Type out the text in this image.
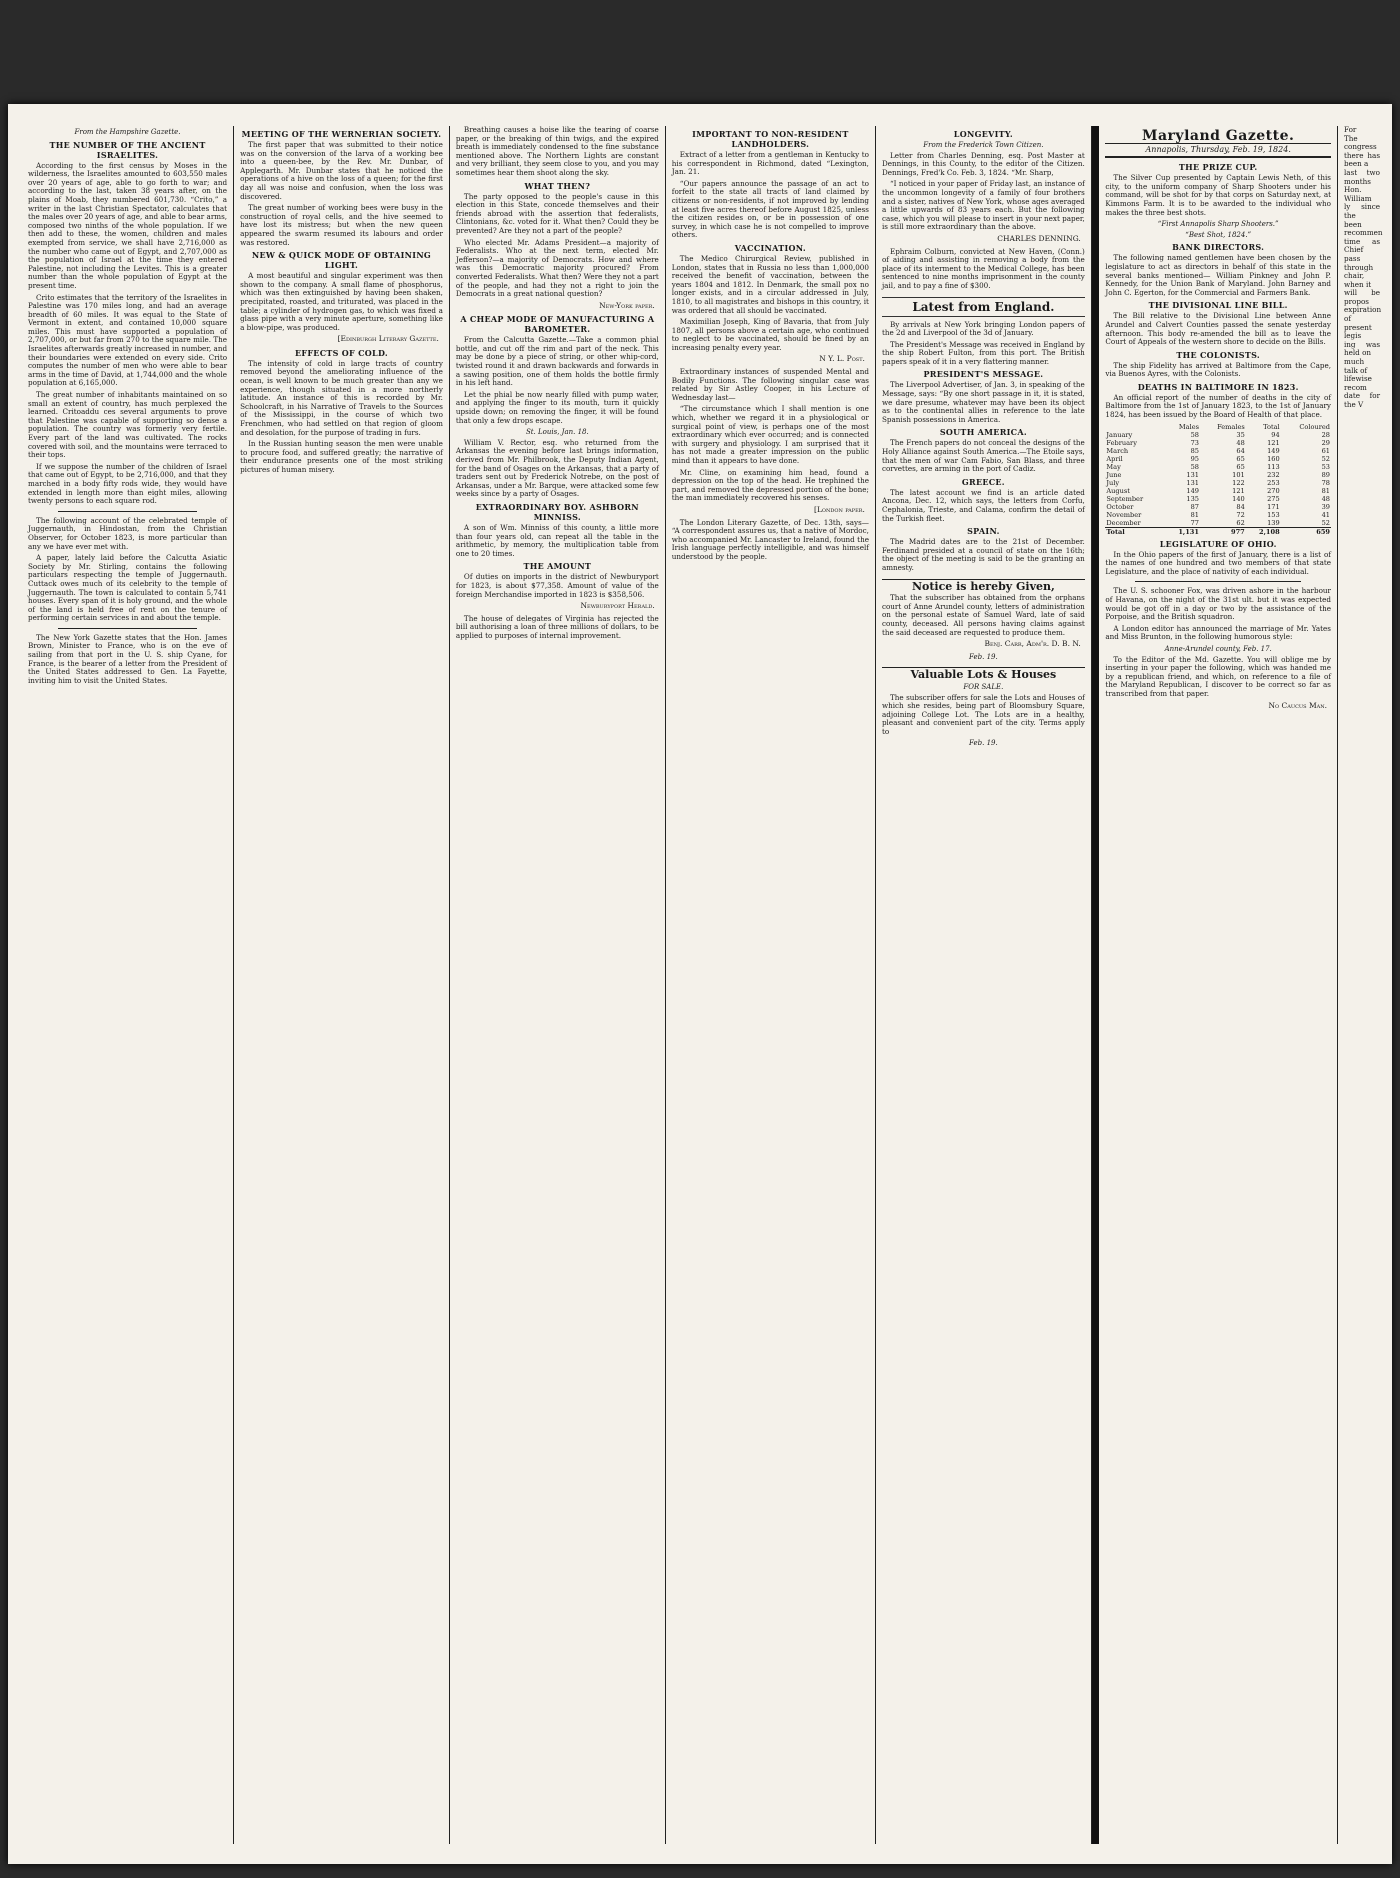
From the Hampshire Gazette.
THE NUMBER OF THE ANCIENT ISRAELITES.

According to the first census by Moses in the wilderness, the Israelites amounted to 603,550 males over 20 years of age, able to go forth to war; and according to the last, taken 38 years after, on the plains of Moab, they numbered 601,730. “Crito,” a writer in the last Christian Spectator, calculates that the males over 20 years of age, and able to bear arms, composed two ninths of the whole population. If we then add to these, the women, children and males exempted from service, we shall have 2,716,000 as the number who came out of Egypt, and 2,707,000 as the population of Israel at the time they entered Palestine, not including the Levites. This is a greater number than the whole population of Egypt at the present time.

Crito estimates that the territory of the Israelites in Palestine was 170 miles long, and had an average breadth of 60 miles. It was equal to the State of Vermont in extent, and contained 10,000 square miles. This must have supported a population of 2,707,000, or but far from 270 to the square mile. The Israelites afterwards greatly increased in number, and their boundaries were extended on every side. Crito computes the number of men who were able to bear arms in the time of David, at 1,744,000 and the whole population at 6,165,000.

The great number of inhabitants maintained on so small an extent of country, has much perplexed the learned. Critoaddu ces several arguments to prove that Palestine was capable of supporting so dense a population. The country was formerly very fertile. Every part of the land was cultivated. The rocks covered with soil, and the mountains were terraced to their tops.

If we suppose the number of the children of Israel that came out of Egypt, to be 2,716,000, and that they marched in a body fifty rods wide, they would have extended in length more than eight miles, allowing twenty persons to each square rod.

The following account of the celebrated temple of Juggernauth, in Hindostan, from the Christian Observer, for October 1823, is more particular than any we have ever met with.

A paper, lately laid before the Calcutta Asiatic Society by Mr. Stirling, contains the following particulars respecting the temple of Juggernauth. Cuttack owes much of its celebrity to the temple of Juggernauth. The town is calculated to contain 5,741 houses. Every span of it is holy ground, and the whole of the land is held free of rent on the tenure of performing certain services in and about the temple.

The New York Gazette states that the Hon. James Brown, Minister to France, who is on the eve of sailing from that port in the U. S. ship Cyane, for France, is the bearer of a letter from the President of the United States addressed to Gen. La Fayette, inviting him to visit the United States.

MEETING OF THE WERNERIAN SOCIETY.

The first paper that was submitted to their notice was on the conversion of the larva of a working bee into a queen-bee, by the Rev. Mr. Dunbar, of Applegarth. Mr. Dunbar states that he noticed the operations of a hive on the loss of a queen; for the first day all was noise and confusion, when the loss was discovered.

The great number of working bees were busy in the construction of royal cells, and the hive seemed to have lost its mistress; but when the new queen appeared the swarm resumed its labours and order was restored.

NEW & QUICK MODE OF OBTAINING LIGHT.

A most beautiful and singular experiment was then shown to the company. A small flame of phosphorus, which was then extinguished by having been shaken, precipitated, roasted, and triturated, was placed in the table; a cylinder of hydrogen gas, to which was fixed a glass pipe with a very minute aperture, something like a blow-pipe, was produced.

[Edinburgh Literary Gazette.
EFFECTS OF COLD.

The intensity of cold in large tracts of country removed beyond the ameliorating influence of the ocean, is well known to be much greater than any we experience, though situated in a more northerly latitude. An instance of this is recorded by Mr. Schoolcraft, in his Narrative of Travels to the Sources of the Mississippi, in the course of which two Frenchmen, who had settled on that region of gloom and desolation, for the purpose of trading in furs.

In the Russian hunting season the men were unable to procure food, and suffered greatly; the narrative of their endurance presents one of the most striking pictures of human misery.

Breathing causes a hoise like the tearing of coarse paper, or the breaking of thin twigs, and the expired breath is immediately condensed to the fine substance mentioned above. The Northern Lights are constant and very brilliant, they seem close to you, and you may sometimes hear them shoot along the sky.

WHAT THEN?

The party opposed to the people's cause in this election in this State, concede themselves and their friends abroad with the assertion that federalists, Clintonians, &c. voted for it. What then? Could they be prevented? Are they not a part of the people?

Who elected Mr. Adams President—a majority of Federalists. Who at the next term, elected Mr. Jefferson?—a majority of Democrats. How and where was this Democratic majority procured? From converted Federalists. What then? Were they not a part of the people, and had they not a right to join the Democrats in a great national question?

New-York paper.
A CHEAP MODE OF MANUFACTURING A BAROMETER.

From the Calcutta Gazette.—Take a common phial bottle, and cut off the rim and part of the neck. This may be done by a piece of string, or other whip-cord, twisted round it and drawn backwards and forwards in a sawing position, one of them holds the bottle firmly in his left hand.

Let the phial be now nearly filled with pump water, and applying the finger to its mouth, turn it quickly upside down; on removing the finger, it will be found that only a few drops escape.

St. Louis, Jan. 18.

William V. Rector, esq. who returned from the Arkansas the evening before last brings information, derived from Mr. Philbrook, the Deputy Indian Agent, for the band of Osages on the Arkansas, that a party of traders sent out by Frederick Notrebe, on the post of Arkansas, under a Mr. Barque, were attacked some few weeks since by a party of Osages.

EXTRAORDINARY BOY. ASHBORN MINNISS.

A son of Wm. Minniss of this county, a little more than four years old, can repeat all the table in the arithmetic, by memory, the multiplication table from one to 20 times.

THE AMOUNT

Of duties on imports in the district of Newburyport for 1823, is about $77,358. Amount of value of the foreign Merchandise imported in 1823 is $358,506.

Newburyport Herald.

The house of delegates of Virginia has rejected the bill authorising a loan of three millions of dollars, to be applied to purposes of internal improvement.

IMPORTANT TO NON-RESIDENT LANDHOLDERS.

Extract of a letter from a gentleman in Kentucky to his correspondent in Richmond, dated “Lexington, Jan. 21.

“Our papers announce the passage of an act to forfeit to the state all tracts of land claimed by citizens or non-residents, if not improved by lending at least five acres thereof before August 1825, unless the citizen resides on, or be in possession of one survey, in which case he is not compelled to improve others.

VACCINATION.

The Medico Chirurgical Review, published in London, states that in Russia no less than 1,000,000 received the benefit of vaccination, between the years 1804 and 1812. In Denmark, the small pox no longer exists, and in a circular addressed in July, 1810, to all magistrates and bishops in this country, it was ordered that all should be vaccinated.

Maximilian Joseph, King of Bavaria, that from July 1807, all persons above a certain age, who continued to neglect to be vaccinated, should be fined by an increasing penalty every year.

N Y. L. Post.

Extraordinary instances of suspended Mental and Bodily Functions. The following singular case was related by Sir Astley Cooper, in his Lecture of Wednesday last—

“The circumstance which I shall mention is one which, whether we regard it in a physiological or surgical point of view, is perhaps one of the most extraordinary which ever occurred; and is connected with surgery and physiology. I am surprised that it has not made a greater impression on the public mind than it appears to have done.

Mr. Cline, on examining him head, found a depression on the top of the head. He trephined the part, and removed the depressed portion of the bone; the man immediately recovered his senses.

[London paper.

The London Literary Gazette, of Dec. 13th, says— “A correspondent assures us, that a native of Mordoc, who accompanied Mr. Lancaster to Ireland, found the Irish language perfectly intelligible, and was himself understood by the people.

LONGEVITY.
From the Frederick Town Citizen.

Letter from Charles Denning, esq. Post Master at Dennings, in this County, to the editor of the Citizen. Dennings, Fred'k Co. Feb. 3, 1824. “Mr. Sharp,

“I noticed in your paper of Friday last, an instance of the uncommon longevity of a family of four brothers and a sister, natives of New York, whose ages averaged a little upwards of 83 years each. But the following case, which you will please to insert in your next paper, is still more extraordinary than the above.

CHARLES DENNING.

Ephraim Colburn, convicted at New Haven, (Conn.) of aiding and assisting in removing a body from the place of its interment to the Medical College, has been sentenced to nine months imprisonment in the county jail, and to pay a fine of $300.

Latest from England.

By arrivals at New York bringing London papers of the 2d and Liverpool of the 3d of January.

The President's Message was received in England by the ship Robert Fulton, from this port. The British papers speak of it in a very flattering manner.

PRESIDENT'S MESSAGE.

The Liverpool Advertiser, of Jan. 3, in speaking of the Message, says: “By one short passage in it, it is stated, we dare presume, whatever may have been its object as to the continental allies in reference to the late Spanish possessions in America.

SOUTH AMERICA.

The French papers do not conceal the designs of the Holy Alliance against South America.—The Etoile says, that the men of war Cam Fabio, San Blass, and three corvettes, are arming in the port of Cadiz.

GREECE.

The latest account we find is an article dated Ancona, Dec. 12, which says, the letters from Corfu, Cephalonia, Trieste, and Calama, confirm the detail of the Turkish fleet.

SPAIN.

The Madrid dates are to the 21st of December. Ferdinand presided at a council of state on the 16th; the object of the meeting is said to be the granting an amnesty.

Notice is hereby Given,

That the subscriber has obtained from the orphans court of Anne Arundel county, letters of administration on the personal estate of Samuel Ward, late of said county, deceased. All persons having claims against the said deceased are requested to produce them.

Benj. Carr, Adm'r. D. B. N.
Feb. 19.
Valuable Lots & Houses
FOR SALE.

The subscriber offers for sale the Lots and Houses of which she resides, being part of Bloomsbury Square, adjoining College Lot. The Lots are in a healthy, pleasant and convenient part of the city. Terms apply to

Feb. 19.
Maryland Gazette.
Annapolis, Thursday, Feb. 19, 1824.
THE PRIZE CUP.

The Silver Cup presented by Captain Lewis Neth, of this city, to the uniform company of Sharp Shooters under his command, will be shot for by that corps on Saturday next, at Kimmons Farm. It is to be awarded to the individual who makes the three best shots.

“First Annapolis Sharp Shooters.”
“Best Shot, 1824.”
BANK DIRECTORS.

The following named gentlemen have been chosen by the legislature to act as directors in behalf of this state in the several banks mentioned— William Pinkney and John P. Kennedy, for the Union Bank of Maryland. John Barney and John C. Egerton, for the Commercial and Farmers Bank.

THE DIVISIONAL LINE BILL.

The Bill relative to the Divisional Line between Anne Arundel and Calvert Counties passed the senate yesterday afternoon. This body re-amended the bill as to leave the Court of Appeals of the western shore to decide on the Bills.

THE COLONISTS.

The ship Fidelity has arrived at Baltimore from the Cape, via Buenos Ayres, with the Colonists.

DEATHS IN BALTIMORE IN 1823.

An official report of the number of deaths in the city of Baltimore from the 1st of January 1823, to the 1st of January 1824, has been issued by the Board of Health of that place.

	Males	Females	Total	Coloured
January	58	35	94	28
February	73	48	121	29
March	85	64	149	61
April	95	65	160	52
May	58	65	113	53
June	131	101	232	89
July	131	122	253	78
August	149	121	270	81
September	135	140	275	48
October	87	84	171	39
November	81	72	153	41
December	77	62	139	52
Total	1,131	977	2,108	659
LEGISLATURE OF OHIO.

In the Ohio papers of the first of January, there is a list of the names of one hundred and two members of that state Legislature, and the place of nativity of each individual.

The U. S. schooner Fox, was driven ashore in the harbour of Havana, on the night of the 31st ult. but it was expected would be got off in a day or two by the assistance of the Porpoise, and the British squadron.

A London editor has announced the marriage of Mr. Yates and Miss Brunton, in the following humorous style:

Anne-Arundel county, Feb. 17.

To the Editor of the Md. Gazette. You will oblige me by inserting in your paper the following, which was handed me by a republican friend, and which, on reference to a file of the Maryland Republican, I discover to be correct so far as transcribed from that paper.

No Caucus Man.
For
The congress
there has been a
last two months
Hon. William
ly since the
been recommen
time as Chief
pass through
chair, when it
will be propos
expiration of
present legis
ing was held on
much talk of
lifewise recom
date for the V
